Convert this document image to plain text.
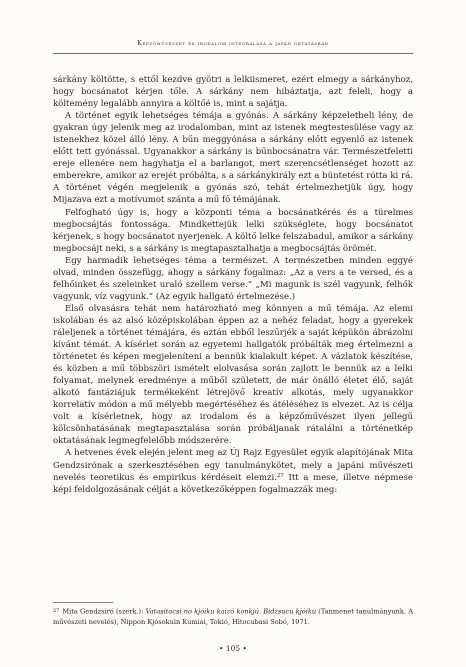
Képzőművészet és irodalom integrálása a japán oktatásban

sárkány költötte, s ettől kezdve gyötri a lelkiismeret, ezért elmegy a sárkányhoz, hogy bocsánatot kérjen tőle. A sárkány nem hibáztatja, azt feleli, hogy a költemény legalább annyira a költőé is, mint a sajátja.

A történet egyik lehetséges témája a gyónás. A sárkány képzeletbeli lény, de gyakran úgy jelenik meg az irodalomban, mint az istenek megtestesülése vagy az istenekhez közel álló lény. A bűn meggyónása a sárkány előtt egyenlő az istenek előtt tett gyónással. Ugyanakkor a sárkány is bűnbocsánatra vár. Természetfeletti ereje ellenére nem hagyhatja el a barlangot, mert szerencsétlenséget hozott az emberekre, amikor az erejét próbálta, s a sárkánykirály ezt a büntetést rótta ki rá. A történet végén megjelenik a gyónás szó, tehát értelmezhetjük úgy, hogy Mijazava ezt a motívumot szánta a mű fő témájának.

Felfogható úgy is, hogy a központi téma a bocsánatkérés és a türelmes megbocsájtás fontossága. Mindkettejük lelki szükséglete, hogy bocsánatot kérjenek, s hogy bocsánatot nyerjenek. A költő lelke felszabadul, amikor a sárkány megbocsájt neki, s a sárkány is megtapasztalhatja a megbocsájtás örömét.

Egy harmadik lehetséges téma a természet. A természetben minden eggyé olvad, minden összefügg, ahogy a sárkány fogalmaz: „Az a vers a te versed, és a felhőinket és szeleinket uraló szellem verse.” „Mi magunk is szél vagyunk, felhők vagyunk, víz vagyunk.” (Az egyik hallgató értelmezése.)

Első olvasásra tehát nem határozható meg könnyen a mű témája. Az elemi iskolában és az alsó középiskolában éppen az a nehéz feladat, hogy a gyerekek ráleljenek a történet témájára, és aztán ebből leszűrjék a saját képükön ábrázolni kívánt témát. A kísérlet során az egyetemi hallgatók próbálták meg értelmezni a történetet és képen megjeleníteni a bennük kialakult képet. A vázlatok készítése, és közben a mű többszöri ismételt elolvasása során zajlott le bennük az a lelki folyamat, melynek eredménye a műből született, de már önálló életet élő, saját alkotó fantáziájuk termékeként létrejövő kreatív alkotás, mely ugyanakkor korrelatív módon a mű mélyebb megértéséhez és átéléséhez is elvezet. Az is célja volt a kísérletnek, hogy az irodalom és a képzőművészet ilyen jellegű kölcsönhatásának megtapasztalása során próbáljanak rátalálni a történetkép oktatásának legmegfelelőbb módszerére.

A hetvenes évek elején jelent meg az Új Rajz Egyesület egyik alapítójának Mita Gendzsirónak a szerkesztésében egy tanulmánykötet, mely a japáni művészeti nevelés teoretikus és empirikus kérdéseit elemzi.$^{27}$ Itt a mese, illetve népmese képi feldolgozásának célját a következőképpen fogalmazzák meg:

$^{27}$ Mita Gendzsiró (szerk.): Vatasitacsi no kjóiku kaizó konkjú. Bidzsucu kjóiku (Tanmenet tanulmányunk. A művészeti nevelés), Nippon Kjósokuin Kumiai, Tokió, Hitocubasi Sobó, 1971.
• 105 •
